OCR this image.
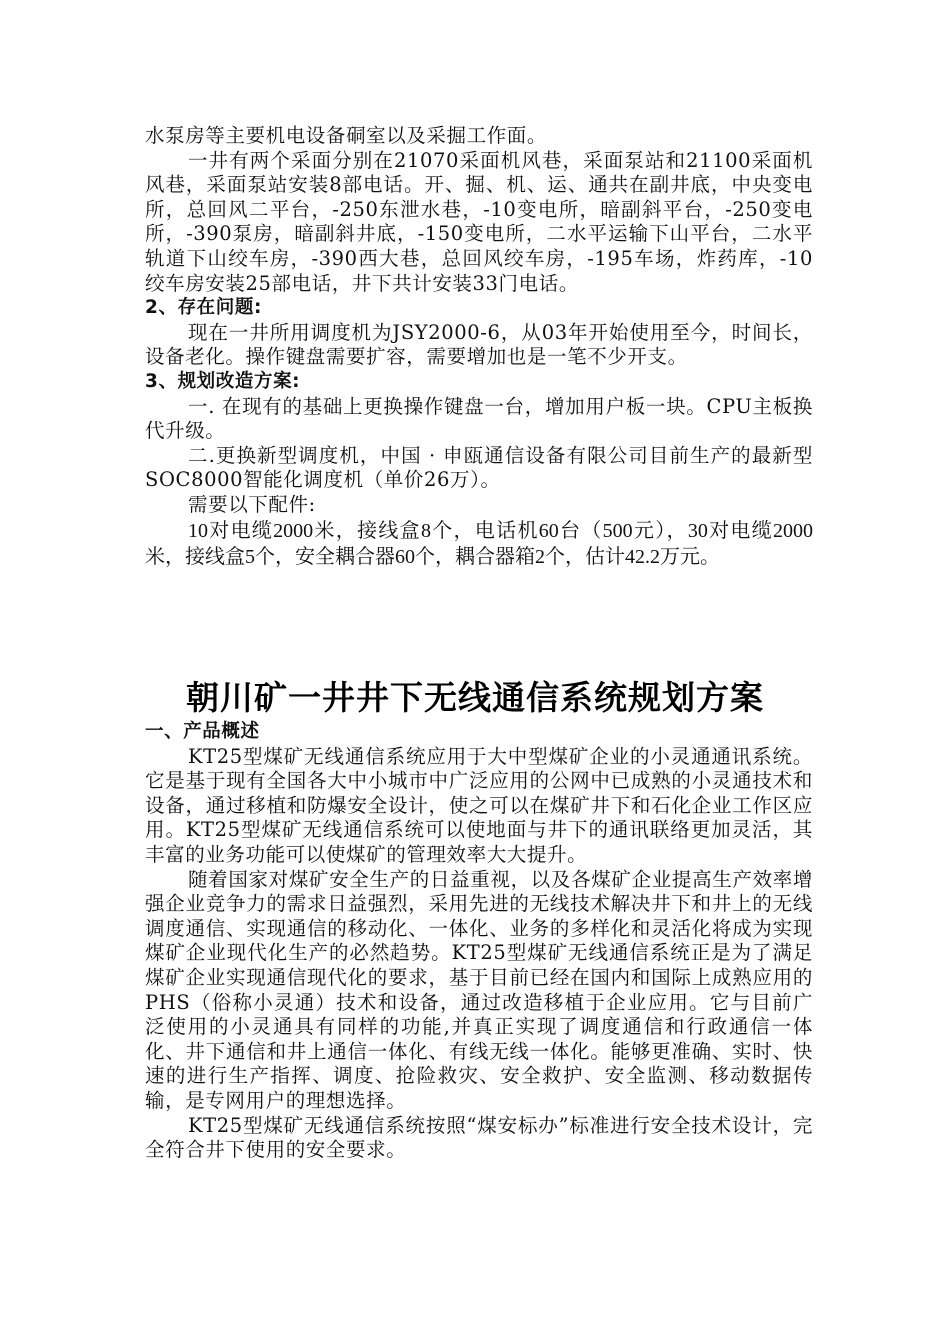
水泵房等主要机电设备硐室以及采掘工作面。

一井有两个采面分别在21070采面机风巷，采面泵站和21100采面机风巷，采面泵站安装8部电话。开、掘、机、运、通共在副井底，中央变电所，总回风二平台，-250东泄水巷，-10变电所，暗副斜平台，-250变电所，-390泵房，暗副斜井底，-150变电所，二水平运输下山平台，二水平轨道下山绞车房，-390西大巷，总回风绞车房，-195车场，炸药库，-10绞车房安装25部电话，井下共计安装33门电话。

2、存在问题:

现在一井所用调度机为JSY2000-6，从03年开始使用至今，时间长，设备老化。操作键盘需要扩容，需要增加也是一笔不少开支。

3、规划改造方案:

一. 在现有的基础上更换操作键盘一台，增加用户板一块。CPU主板换代升级。

二.更换新型调度机，中国 · 申瓯通信设备有限公司目前生产的最新型SOC8000智能化调度机（单价26万）。

需要以下配件:

10对电缆2000米，接线盒8个，电话机60台（500元），30对电缆2000米，接线盒5个，安全耦合器60个，耦合器箱2个，估计42.2万元。

朝川矿一井井下无线通信系统规划方案

一、产品概述

KT25型煤矿无线通信系统应用于大中型煤矿企业的小灵通通讯系统。它是基于现有全国各大中小城市中广泛应用的公网中已成熟的小灵通技术和设备，通过移植和防爆安全设计，使之可以在煤矿井下和石化企业工作区应用。KT25型煤矿无线通信系统可以使地面与井下的通讯联络更加灵活，其丰富的业务功能可以使煤矿的管理效率大大提升。

随着国家对煤矿安全生产的日益重视，以及各煤矿企业提高生产效率增强企业竞争力的需求日益强烈，采用先进的无线技术解决井下和井上的无线调度通信、实现通信的移动化、一体化、业务的多样化和灵活化将成为实现煤矿企业现代化生产的必然趋势。KT25型煤矿无线通信系统正是为了满足煤矿企业实现通信现代化的要求，基于目前已经在国内和国际上成熟应用的PHS（俗称小灵通）技术和设备，通过改造移植于企业应用。它与目前广泛使用的小灵通具有同样的功能,并真正实现了调度通信和行政通信一体化、井下通信和井上通信一体化、有线无线一体化。能够更准确、实时、快速的进行生产指挥、调度、抢险救灾、安全救护、安全监测、移动数据传输，是专网用户的理想选择。

KT25型煤矿无线通信系统按照“煤安标办”标准进行安全技术设计，完全符合井下使用的安全要求。
